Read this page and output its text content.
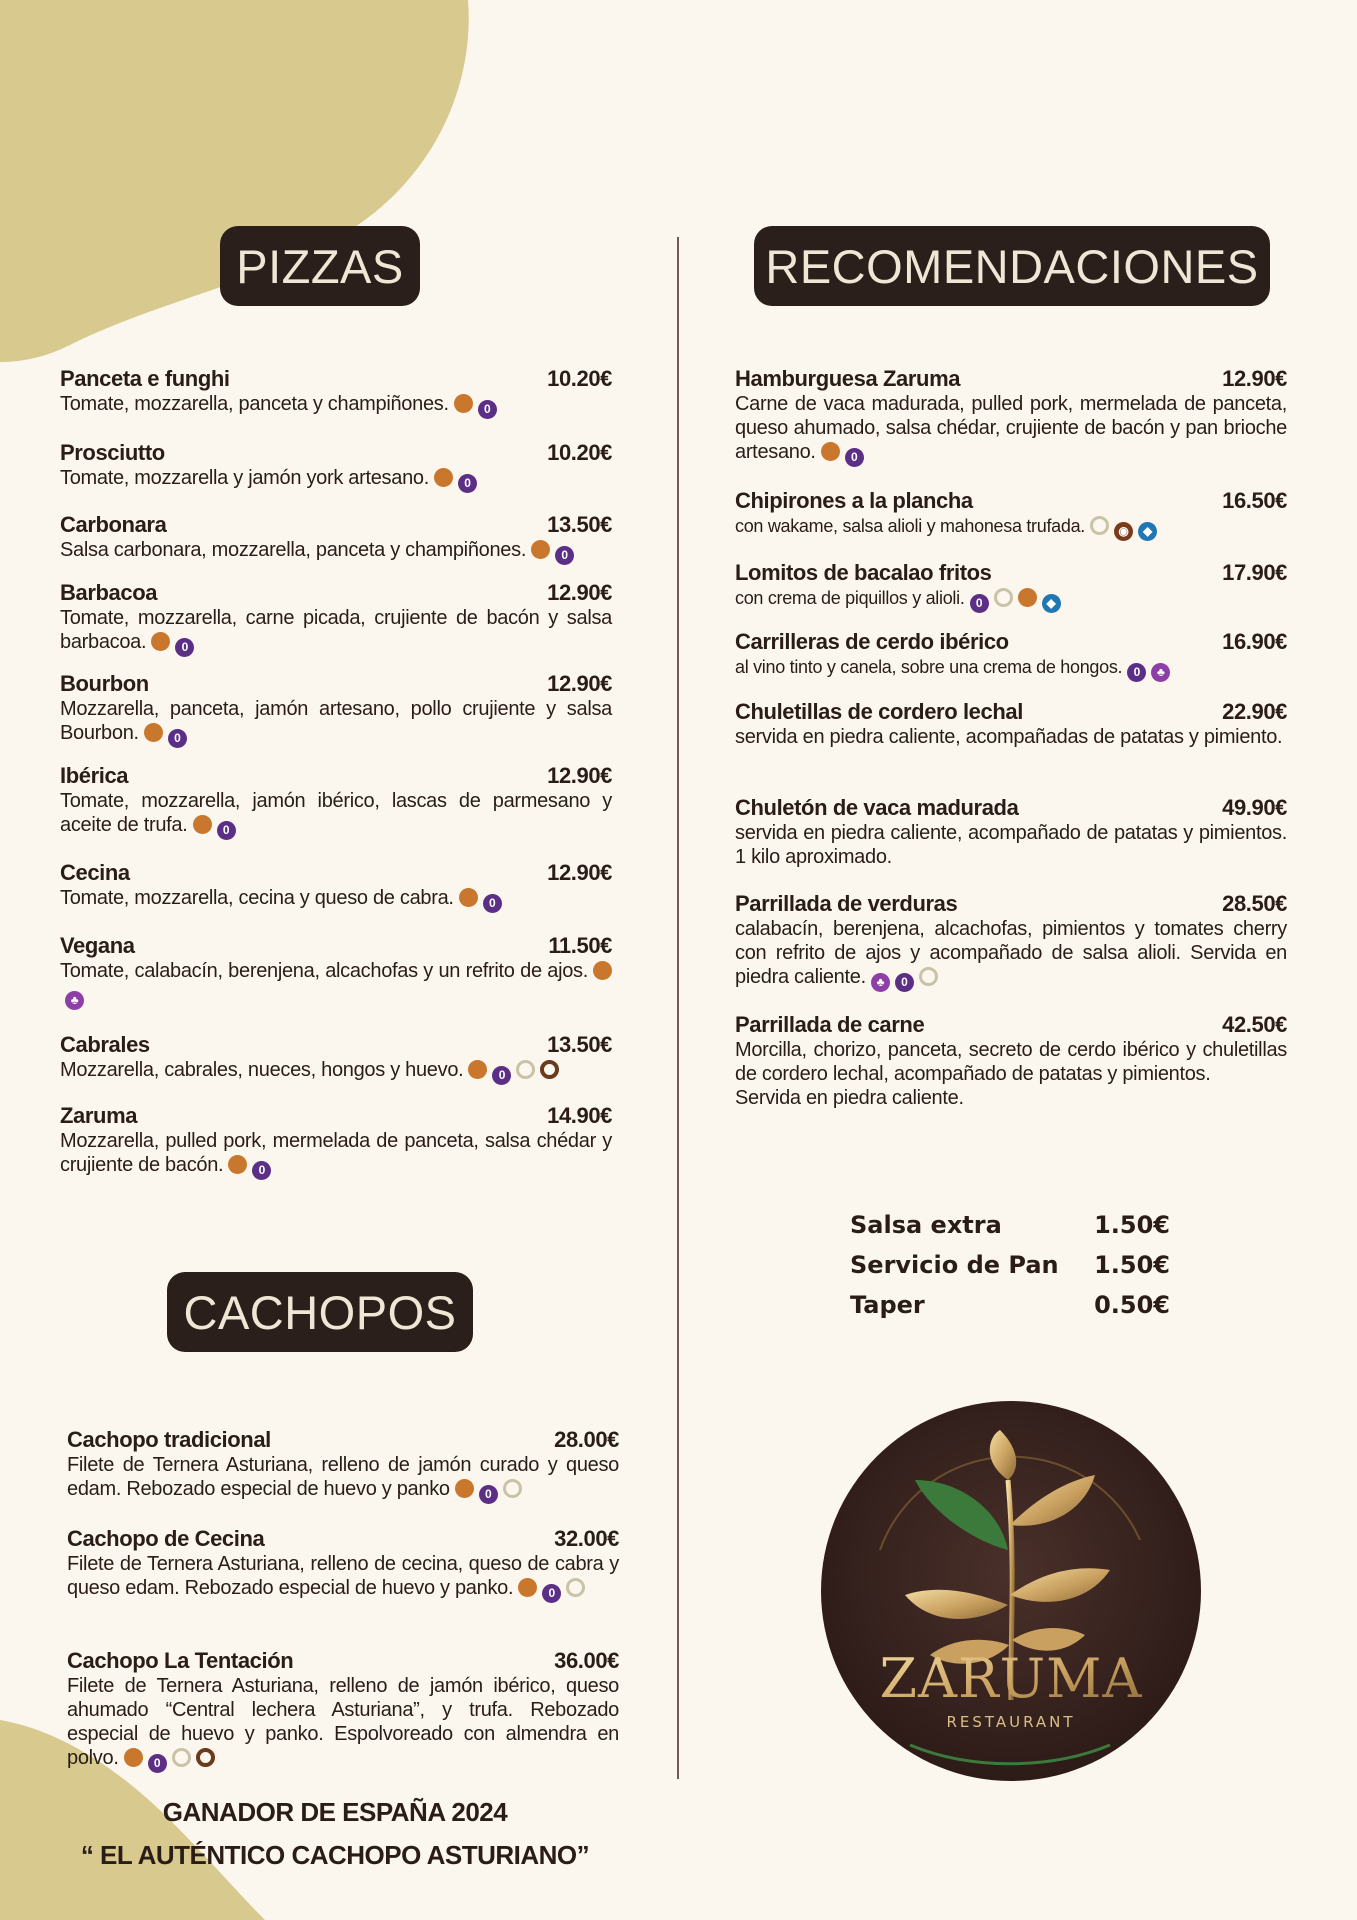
PIZZAS	RECOMENDACIONES
CACHOPOS
Panceta e funghi	10.20€
Tomate, mozzarella, panceta y champiñones.	0
Prosciutto	10.20€
Tomate, mozzarella y jamón york artesano.	0
Carbonara	13.50€
Salsa carbonara, mozzarella, panceta y champiñones.	0
Barbacoa	12.90€
Tomate, mozzarella, carne picada, crujiente de bacón y salsa barbacoa.	0
Bourbon	12.90€
Mozzarella, panceta, jamón artesano, pollo crujiente y salsa Bourbon.	0
Ibérica	12.90€
Tomate, mozzarella, jamón ibérico, lascas de parmesano y aceite de trufa.	0
Cecina	12.90€
Tomate, mozzarella, cecina y queso de cabra.	0
Vegana	11.50€
Tomate, calabacín, berenjena, alcachofas y un refrito de ajos.♣
Cabrales	13.50€
Mozzarella, cabrales, nueces, hongos y huevo.	0
Zaruma	14.90€
Mozzarella, pulled pork, mermelada de panceta, salsa chédar y crujiente de bacón.	0
Cachopo tradicional	28.00€
Filete de Ternera Asturiana, relleno de jamón curado y queso edam. Rebozado especial de huevo y panko	0
Cachopo de Cecina	32.00€
Filete de Ternera Asturiana, relleno de cecina, queso de cabra y queso edam. Rebozado especial de huevo y panko.	0
Cachopo La Tentación	36.00€
Filete de Ternera Asturiana, relleno de jamón ibérico, queso ahumado “Central lechera Asturiana”, y trufa. Rebozado especial de huevo y panko. Espolvoreado con almendra en polvo.	0
Hamburguesa Zaruma	12.90€
Carne de vaca madurada, pulled pork, mermelada de panceta, queso ahumado, salsa chédar, crujiente de bacón y pan brioche artesano.	0
Chipirones a la plancha	16.50€
con wakame, salsa alioli y mahonesa trufada.	◉ ◆
Lomitos de bacalao fritos	17.90€
con crema de piquillos y alioli. 0	◆
Carrilleras de cerdo ibérico	16.90€
al vino tinto y canela, sobre una crema de hongos. 0 ♣
Chuletillas de cordero lechal	22.90€
servida en piedra caliente, acompañadas de patatas y pimiento.
Chuletón de vaca madurada	49.90€
servida en piedra caliente, acompañado de patatas y pimientos. 1 kilo aproximado.
Parrillada de verduras	28.50€
calabacín, berenjena, alcachofas, pimientos y tomates cherry con refrito de ajos y acompañado de salsa alioli. Servida en piedra caliente. ♣ 0
Parrillada de carne	42.50€
Morcilla, chorizo, panceta, secreto de cerdo ibérico y chuletillas de cordero lechal, acompañado de patatas y pimientos.
Servida en piedra caliente.
Salsa extra	1.50€
Servicio de Pan 1.50€
Taper	0.50€
GANADOR DE ESPAÑA 2024
“ EL AUTÉNTICO CACHOPO ASTURIANO”
ZARUMA
RESTAURANT
